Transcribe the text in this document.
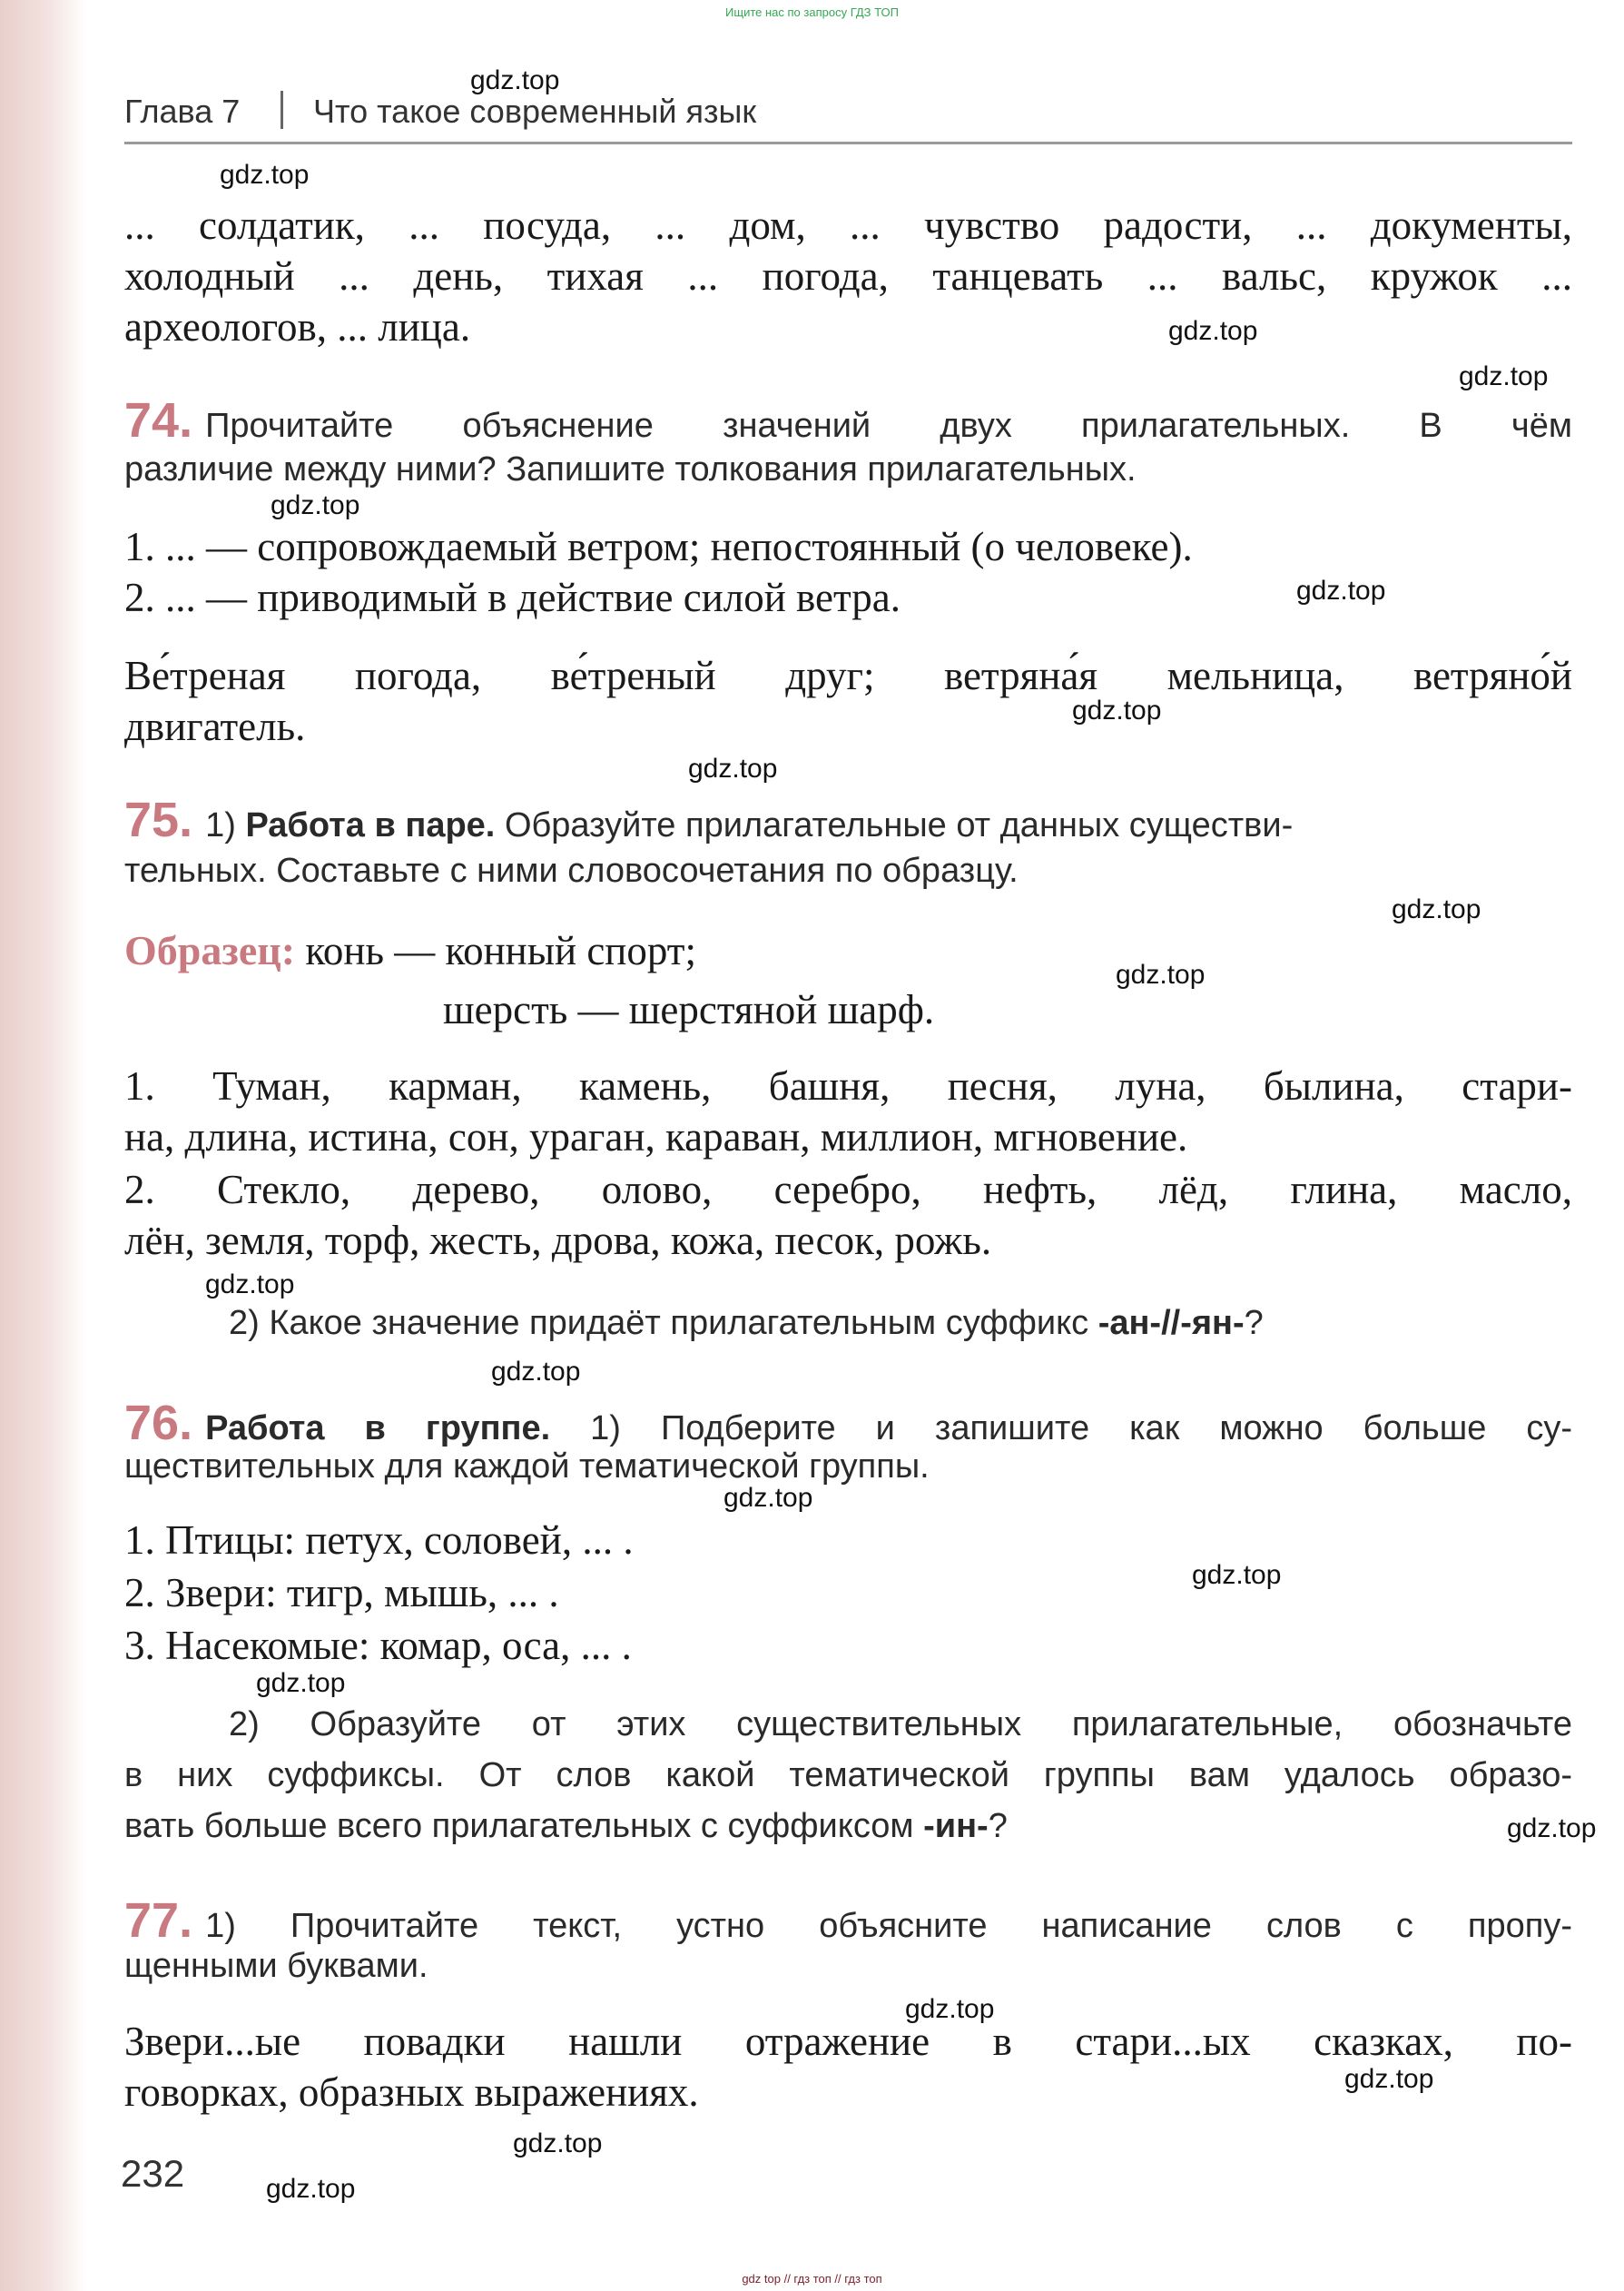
Ищите нас по запросу ГДЗ ТОП
Глава 7 Что такое современный язык
gdz.top
gdz.top
gdz.top
gdz.top
gdz.top
gdz.top
gdz.top
gdz.top
gdz.top
gdz.top
gdz.top
gdz.top
gdz.top
gdz.top
gdz.top
gdz.top
gdz.top
gdz.top
gdz.top
gdz.top
... солдатик, ... посуда, ... дом, ... чувство радости, ... документы,
холодный ... день, тихая ... погода, танцевать ... вальс, кружок ...
археологов, ... лица.
74. Прочитайте объяснение значений двух прилагательных. В чём
различие между ними? Запишите толкования прилагательных.
1. ... — сопровождаемый ветром; непостоянный (о человеке).
2. ... — приводимый в действие силой ветра.
Ве́треная погода, ве́треный друг; ветряна́я мельница, ветряно́й
двигатель.
75. 1) Работа в паре. Образуйте прилагательные от данных существи-
тельных. Составьте с ними словосочетания по образцу.
Образец: конь — конный спорт;
шерсть — шерстяной шарф.
1. Туман, карман, камень, башня, песня, луна, былина, стари-
на, длина, истина, сон, ураган, караван, миллион, мгновение.
2. Стекло, дерево, олово, серебро, нефть, лёд, глина, масло,
лён, земля, торф, жесть, дрова, кожа, песок, рожь.
2) Какое значение придаёт прилагательным суффикс -ан-//-ян-?
76. Работа в группе. 1) Подберите и запишите как можно больше су-
ществительных для каждой тематической группы.
1. Птицы: петух, соловей, ... .
2. Звери: тигр, мышь, ... .
3. Насекомые: комар, оса, ... .
2) Образуйте от этих существительных прилагательные, обозначьте
в них суффиксы. От слов какой тематической группы вам удалось образо-
вать больше всего прилагательных с суффиксом -ин-?
77. 1) Прочитайте текст, устно объясните написание слов с пропу-
щенными буквами.
Звери...ые повадки нашли отражение в стари...ых сказках, по-
говорках, образных выражениях.
232
gdz top // гдз топ // гдз топ
